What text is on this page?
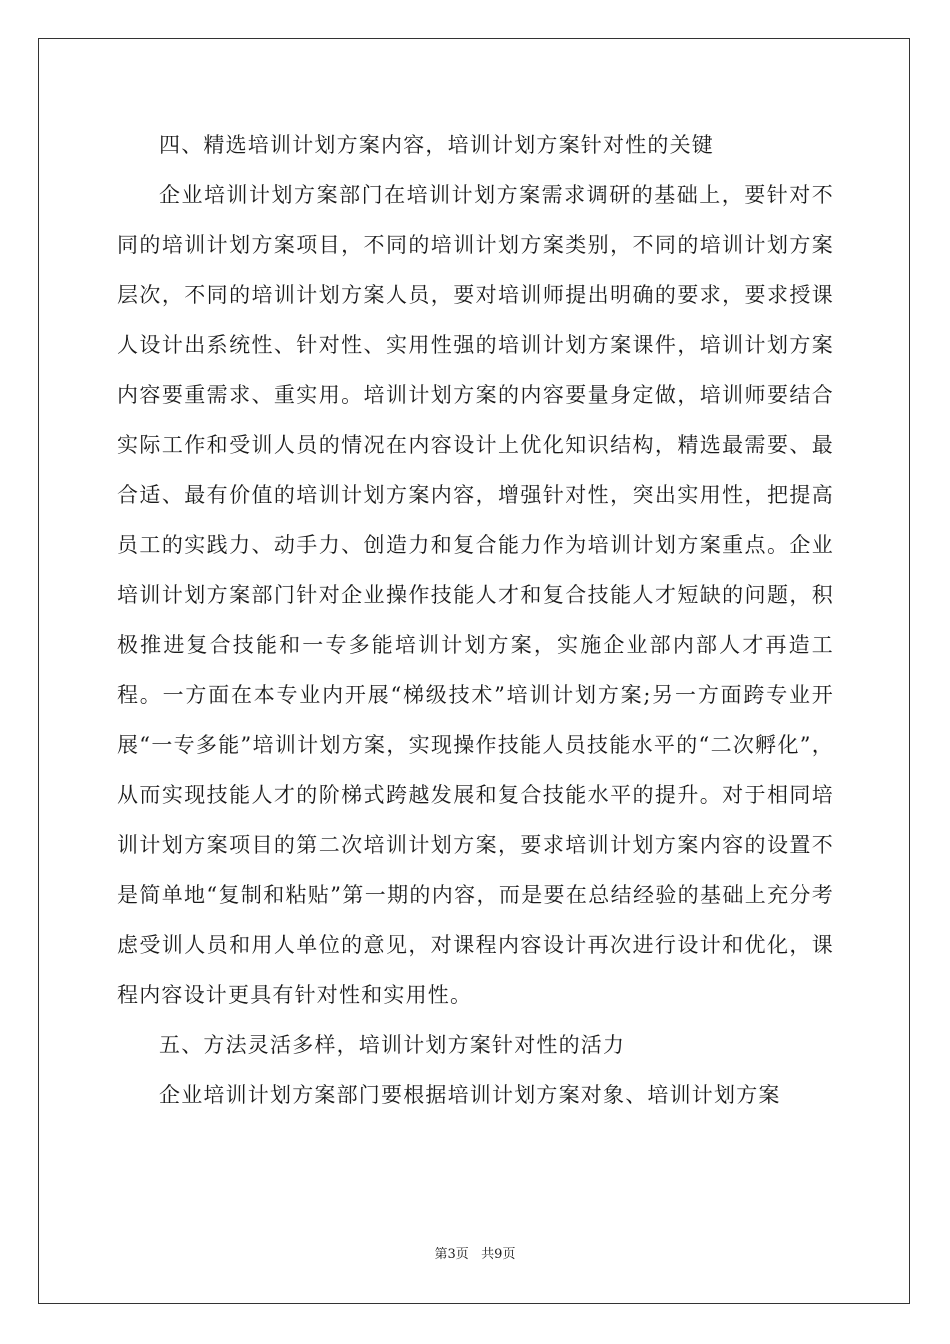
四、精选培训计划方案内容，培训计划方案针对性的关键

企业培训计划方案部门在培训计划方案需求调研的基础上，要针对不同的培训计划方案项目，不同的培训计划方案类别，不同的培训计划方案层次，不同的培训计划方案人员，要对培训师提出明确的要求，要求授课人设计出系统性、针对性、实用性强的培训计划方案课件，培训计划方案内容要重需求、重实用。培训计划方案的内容要量身定做，培训师要结合实际工作和受训人员的情况在内容设计上优化知识结构，精选最需要、最合适、最有价值的培训计划方案内容，增强针对性，突出实用性，把提高员工的实践力、动手力、创造力和复合能力作为培训计划方案重点。企业培训计划方案部门针对企业操作技能人才和复合技能人才短缺的问题，积极推进复合技能和一专多能培训计划方案，实施企业部内部人才再造工程。一方面在本专业内开展“梯级技术”培训计划方案;另一方面跨专业开展“一专多能”培训计划方案，实现操作技能人员技能水平的“二次孵化”，从而实现技能人才的阶梯式跨越发展和复合技能水平的提升。对于相同培训计划方案项目的第二次培训计划方案，要求培训计划方案内容的设置不是简单地“复制和粘贴”第一期的内容，而是要在总结经验的基础上充分考虑受训人员和用人单位的意见，对课程内容设计再次进行设计和优化，课程内容设计更具有针对性和实用性。

五、方法灵活多样，培训计划方案针对性的活力

企业培训计划方案部门要根据培训计划方案对象、培训计划方案

第3页   共9页
